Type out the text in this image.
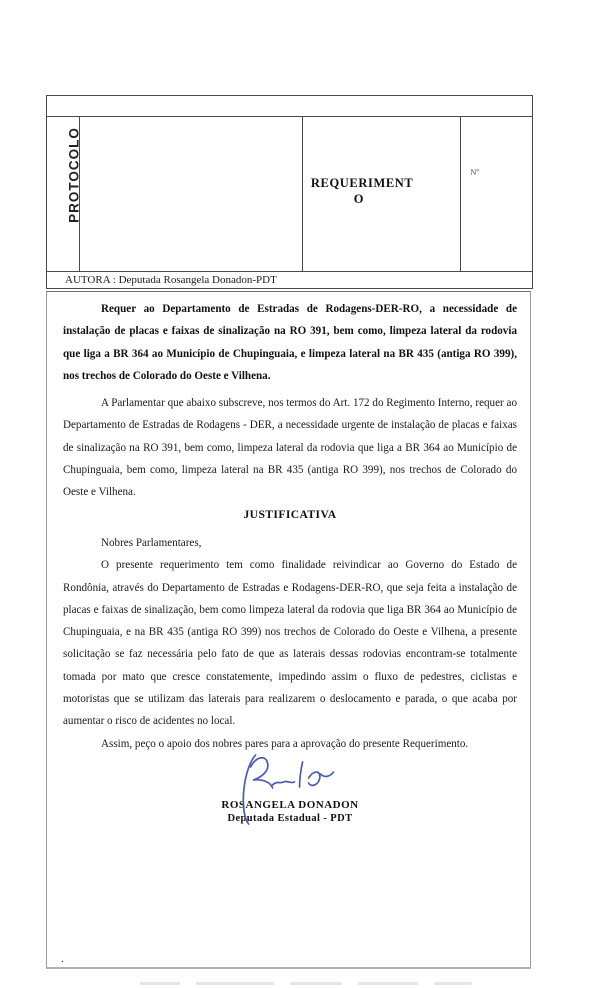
PROTOCOLO	REQUERIMENT
O
Nº
AUTORA : Deputada Rosangela Donadon-PDT

Requer ao Departamento de Estradas de Rodagens-DER-RO, a necessidade de instalação de placas e faixas de sinalização na RO 391, bem como, limpeza lateral da rodovia que liga a BR 364 ao Município de Chupinguaia, e limpeza lateral na BR 435 (antiga RO 399), nos trechos de Colorado do Oeste e Vilhena.

A Parlamentar que abaixo subscreve, nos termos do Art. 172 do Regimento Interno, requer ao Departamento de Estradas de Rodagens - DER, a necessidade urgente de instalação de placas e faixas de sinalização na RO 391, bem como, limpeza lateral da rodovia que liga a BR 364 ao Município de Chupinguaia, bem como, limpeza lateral na BR 435 (antiga RO 399), nos trechos de Colorado do Oeste e Vilhena.

JUSTIFICATIVA

Nobres Parlamentares,

O presente requerimento tem como finalidade reivindicar ao Governo do Estado de Rondônia, através do Departamento de Estradas e Rodagens-DER-RO, que seja feita a instalação de placas e faixas de sinalização, bem como limpeza lateral da rodovia que liga BR 364 ao Município de Chupinguaia, e na BR 435 (antiga RO 399) nos trechos de Colorado do Oeste e Vilhena, a presente solicitação se faz necessária pelo fato de que as laterais dessas rodovias encontram-se totalmente tomada por mato que cresce constatemente, impedindo assim o fluxo de pedestres, ciclistas e motoristas que se utilizam das laterais para realizarem o deslocamento e parada, o que acaba por aumentar o risco de acidentes no local.

Assim, peço o apoio dos nobres pares para a aprovação do presente Requerimento.

ROSANGELA DONADON
Deputada Estadual - PDT
.
